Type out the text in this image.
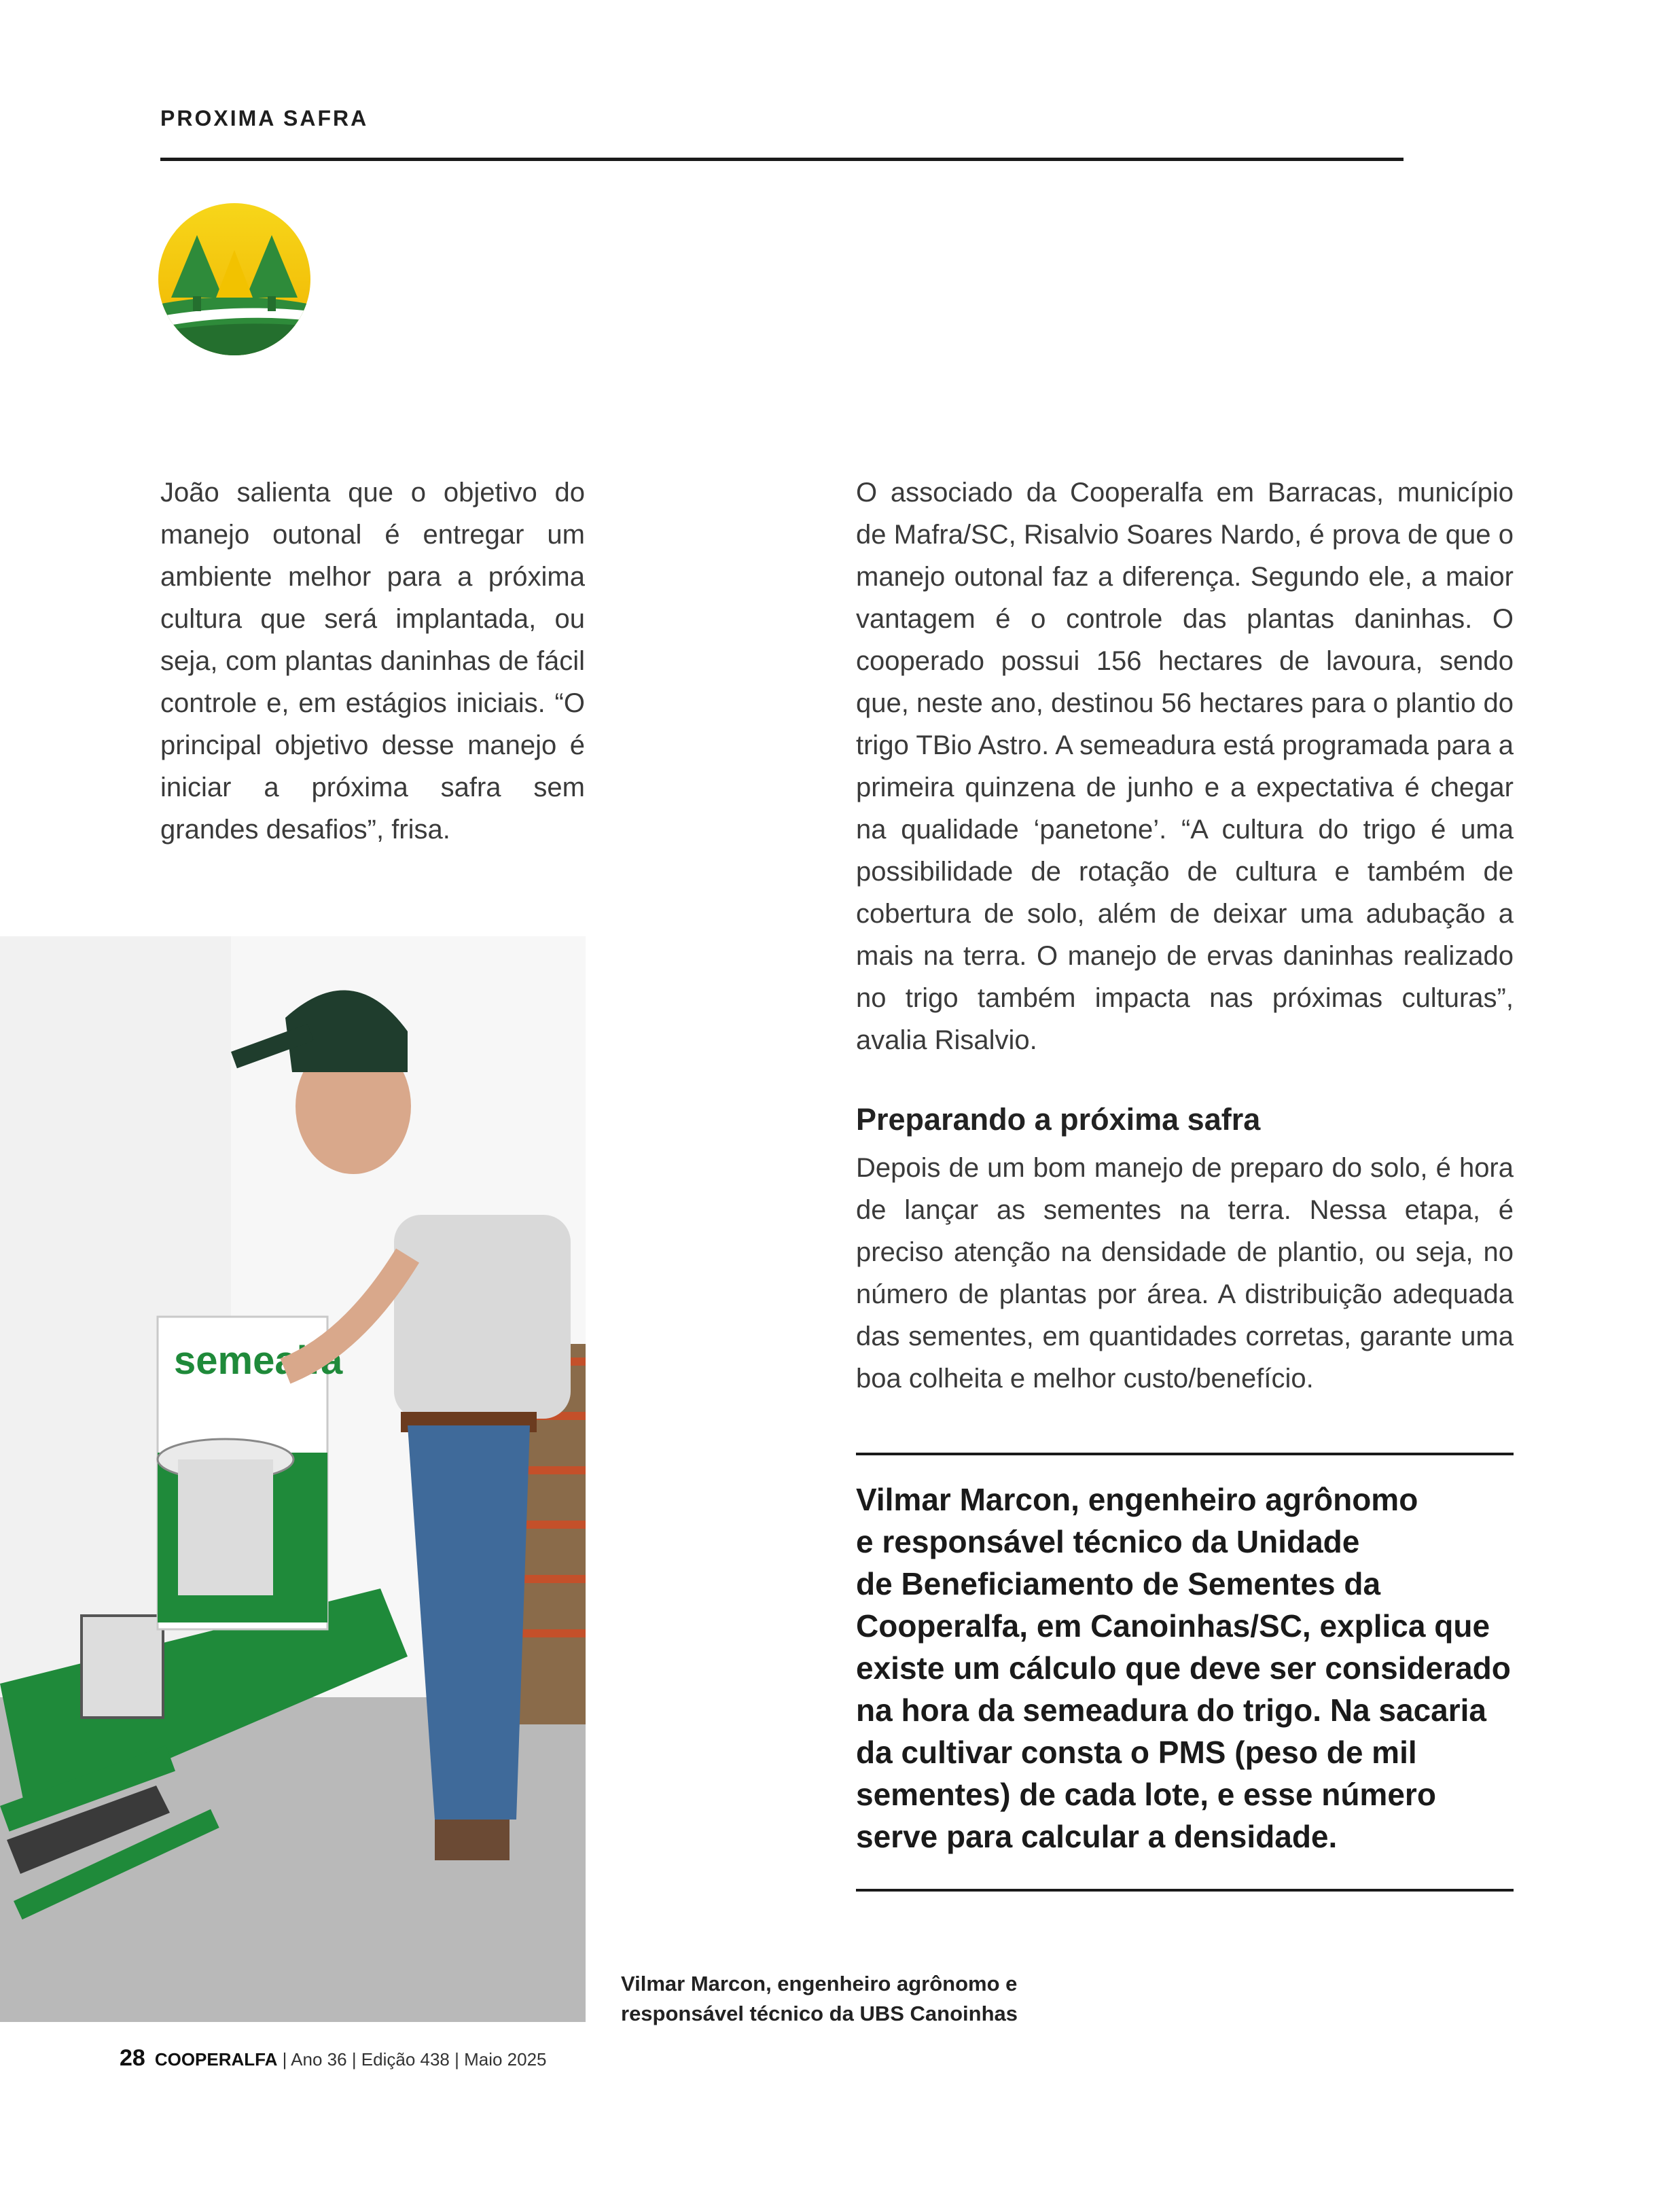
PROXIMA SAFRA
João salienta que o objetivo do manejo outonal é entregar um ambiente melhor para a próxima cultura que será implantada, ou seja, com plantas daninhas de fácil controle e, em estágios iniciais. “O principal objetivo desse manejo é iniciar a próxima safra sem grandes desafios”, frisa.
O associado da Cooperalfa em Barracas, município de Mafra/SC, Risalvio Soares Nardo, é prova de que o manejo outonal faz a diferença. Segundo ele, a maior vantagem é o controle das plantas daninhas. O cooperado possui 156 hectares de lavoura, sendo que, neste ano, destinou 56 hectares para o plantio do trigo TBio Astro. A semeadura está programada para a primeira quinzena de junho e a expectativa é chegar na qualidade ‘panetone’. “A cultura do trigo é uma possibilidade de rotação de cultura e também de cobertura de solo, além de deixar uma adubação a mais na terra. O manejo de ervas daninhas realizado no trigo também impacta nas próximas culturas”, avalia Risalvio.
Preparando a próxima safra
Depois de um bom manejo de preparo do solo, é hora de lançar as sementes na terra. Nessa etapa, é preciso atenção na densidade de plantio, ou seja, no número de plantas por área. A distribuição adequada das sementes, em quantidades corretas, garante uma boa colheita e melhor custo/benefício.
Vilmar Marcon, engenheiro agrônomo
e responsável técnico da Unidade
de Beneficiamento de Sementes da
Cooperalfa, em Canoinhas/SC, explica que
existe um cálculo que deve ser considerado
na hora da semeadura do trigo. Na sacaria
da cultivar consta o PMS (peso de mil
sementes) de cada lote, e esse número
serve para calcular a densidade.
semealfa
Vilmar Marcon, engenheiro agrônomo e
responsável técnico da UBS Canoinhas
28 COOPERALFA | Ano 36 | Edição 438 | Maio 2025
